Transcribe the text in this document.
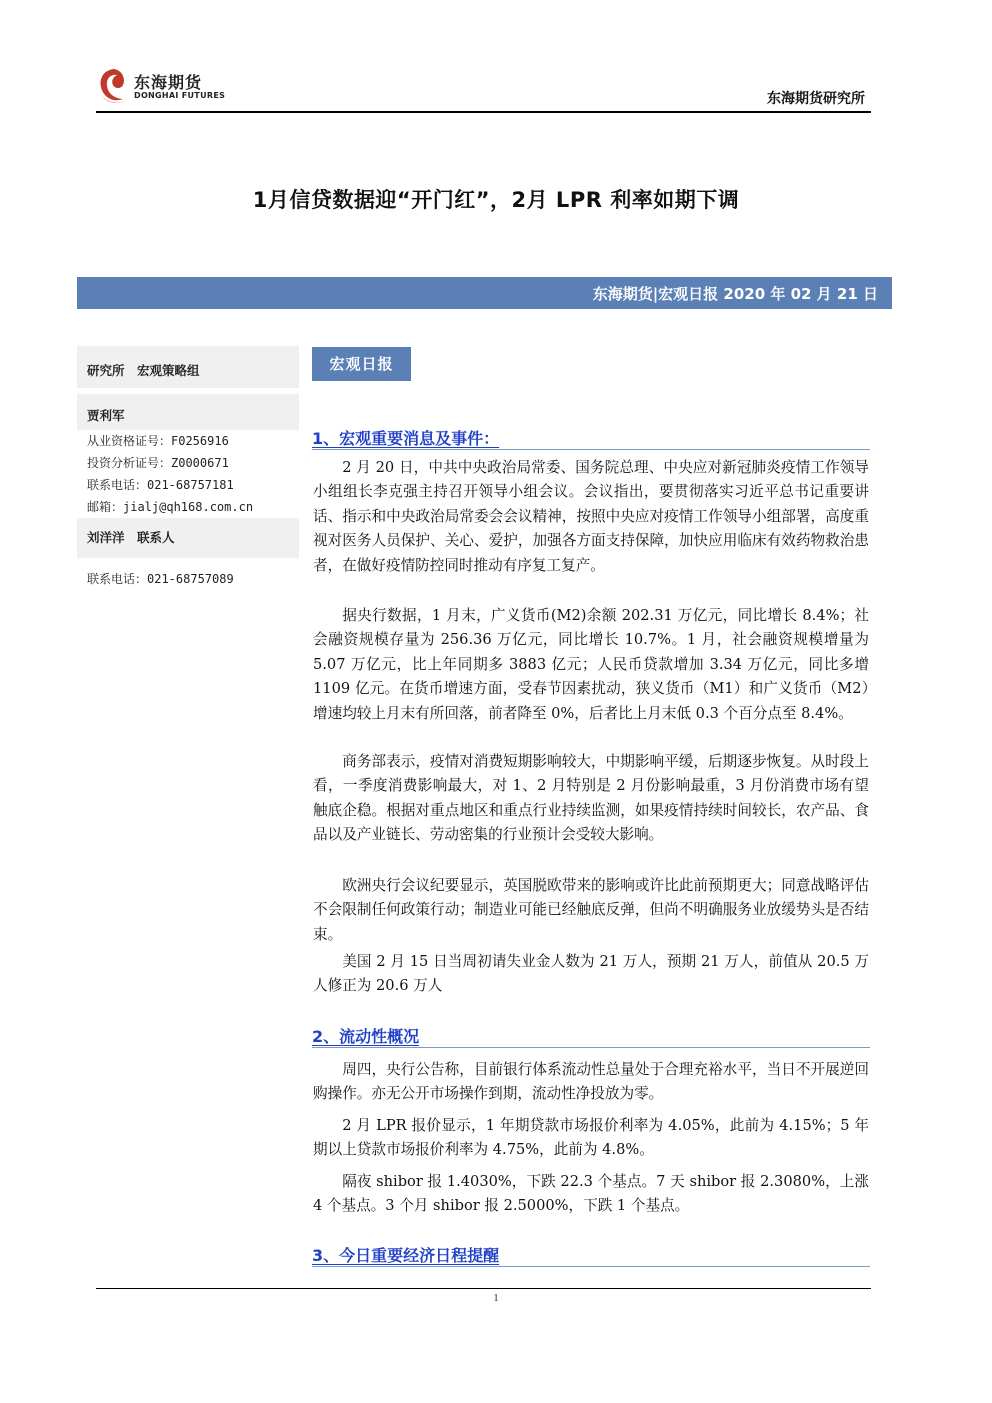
东海期货
DONGHAI FUTURES	东海期货研究所
1月信贷数据迎“开门红”，2月 LPR 利率如期下调
东海期货|宏观日报 2020 年 02 月 21 日
研究所　宏观策略组
贾利军
从业资格证号：F0256916
投资分析证号：Z0000671
联系电话：021-68757181
邮箱：jialj@qh168.com.cn
刘洋洋　联系人
联系电话：021-68757089
宏观日报
1、宏观重要消息及事件：

2 月 20 日，中共中央政治局常委、国务院总理、中央应对新冠肺炎疫情工作领导小组组长李克强主持召开领导小组会议。会议指出，要贯彻落实习近平总书记重要讲话、指示和中央政治局常委会会议精神，按照中央应对疫情工作领导小组部署，高度重视对医务人员保护、关心、爱护，加强各方面支持保障，加快应用临床有效药物救治患者，在做好疫情防控同时推动有序复工复产。

据央行数据，1 月末，广义货币(M2)余额 202.31 万亿元，同比增长 8.4%；社会融资规模存量为 256.36 万亿元，同比增长 10.7%。1 月，社会融资规模增量为 5.07 万亿元，比上年同期多 3883 亿元；人民币贷款增加 3.34 万亿元，同比多增 1109 亿元。在货币增速方面，受春节因素扰动，狭义货币（M1）和广义货币（M2）增速均较上月末有所回落，前者降至 0%，后者比上月末低 0.3 个百分点至 8.4%。

商务部表示，疫情对消费短期影响较大，中期影响平缓，后期逐步恢复。从时段上看，一季度消费影响最大，对 1、2 月特别是 2 月份影响最重，3 月份消费市场有望触底企稳。根据对重点地区和重点行业持续监测，如果疫情持续时间较长，农产品、食品以及产业链长、劳动密集的行业预计会受较大影响。

欧洲央行会议纪要显示，英国脱欧带来的影响或许比此前预期更大；同意战略评估不会限制任何政策行动；制造业可能已经触底反弹，但尚不明确服务业放缓势头是否结束。

美国 2 月 15 日当周初请失业金人数为 21 万人，预期 21 万人，前值从 20.5 万人修正为 20.6 万人

2、流动性概况

周四，央行公告称，目前银行体系流动性总量处于合理充裕水平，当日不开展逆回购操作。亦无公开市场操作到期，流动性净投放为零。

2 月 LPR 报价显示，1 年期贷款市场报价利率为 4.05%，此前为 4.15%；5 年期以上贷款市场报价利率为 4.75%，此前为 4.8%。

隔夜 shibor 报 1.4030%，下跌 22.3 个基点。7 天 shibor 报 2.3080%，上涨 4 个基点。3 个月 shibor 报 2.5000%，下跌 1 个基点。

3、今日重要经济日程提醒
1
